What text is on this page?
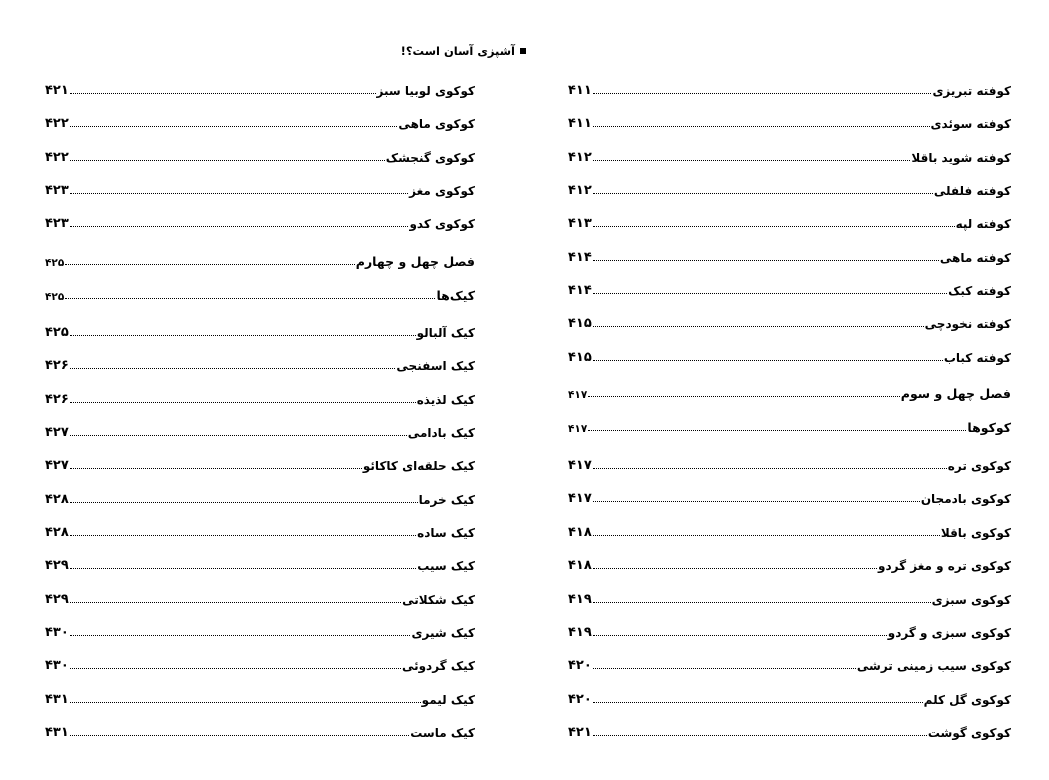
آشپزی آسان است؟!
کوفته تبریزی
۴۱۱
کوفته سوئدی
۴۱۱
کوفته شوید باقلا
۴۱۲
کوفته فلفلی
۴۱۲
کوفته لپه
۴۱۳
کوفته ماهی
۴۱۴
کوفته کبک
۴۱۴
کوفته نخودچی
۴۱۵
کوفته کباب
۴۱۵
فصل چهل و سوم
۴۱۷
کوکوها
۴۱۷
کوکوی تره
۴۱۷
کوکوی بادمجان
۴۱۷
کوکوی باقلا
۴۱۸
کوکوی تره و مغز گردو
۴۱۸
کوکوی سبزی
۴۱۹
کوکوی سبزی و گردو
۴۱۹
کوکوی سیب زمینی ترشی
۴۲۰
کوکوی گل کلم
۴۲۰
کوکوی گوشت
۴۲۱
کوکوی لوبیا سبز
۴۲۱
کوکوی ماهی
۴۲۲
کوکوی گنجشک
۴۲۲
کوکوی مغز
۴۲۳
کوکوی کدو
۴۲۳
فصل چهل و چهارم
۴۲۵
کیک‌ها
۴۲۵
کیک آلبالو
۴۲۵
کیک اسفنجی
۴۲۶
کیک لذیذه
۴۲۶
کیک بادامی
۴۲۷
کیک حلقه‌ای کاکائو
۴۲۷
کیک خرما
۴۲۸
کیک ساده
۴۲۸
کیک سیب
۴۲۹
کیک شکلاتی
۴۲۹
کیک شیری
۴۳۰
کیک گردوئی
۴۳۰
کیک لیمو
۴۳۱
کیک ماست
۴۳۱
